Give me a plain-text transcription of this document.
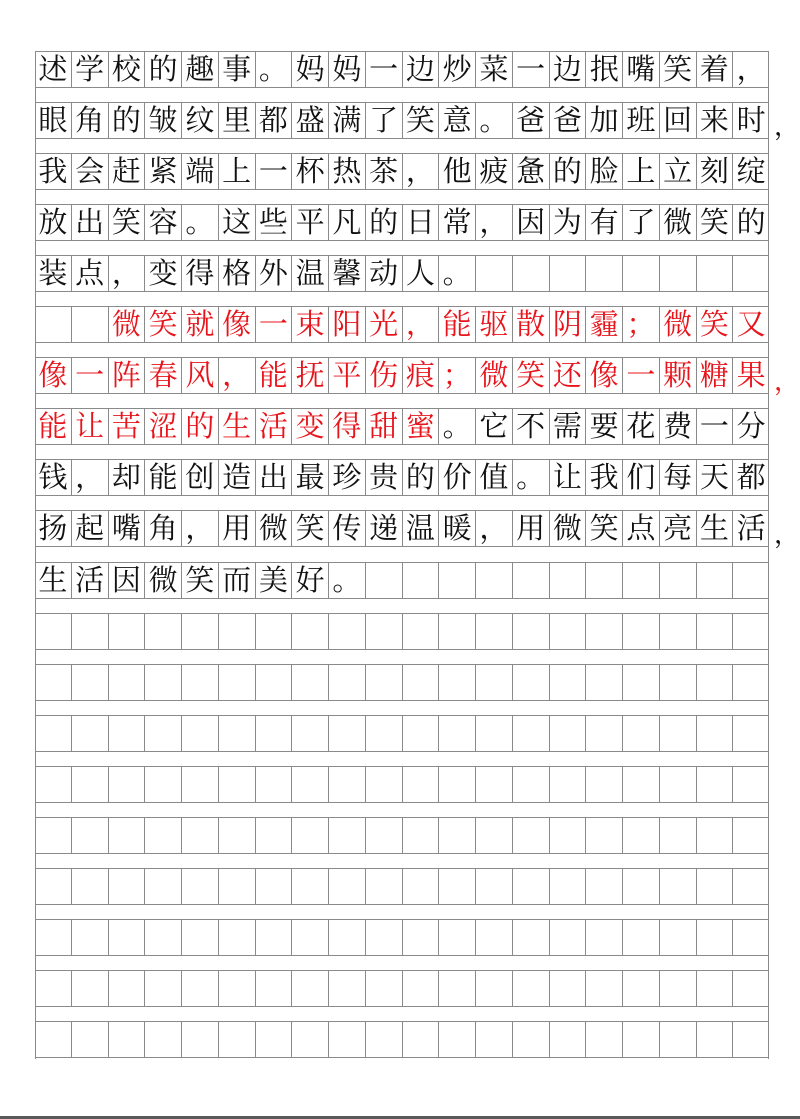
述 学 校 的 趣 事 。 妈 妈 一 边 炒 菜 一 边 抿 嘴 笑 着 ，
眼 角 的 皱 纹 里 都 盛 满 了 笑 意 。 爸 爸 加 班 回 来 时 ，
我 会 赶 紧 端 上 一 杯 热 茶 ， 他 疲 惫 的 脸 上 立 刻 绽
放 出 笑 容 。 这 些 平 凡 的 日 常 ， 因 为 有 了 微 笑 的
装 点 ， 变 得 格 外 温 馨 动 人 。
微 笑 就 像 一 束 阳 光 ， 能 驱 散 阴 霾 ； 微 笑 又
像 一 阵 春 风 ， 能 抚 平 伤 痕 ； 微 笑 还 像 一 颗 糖 果 ，
能 让 苦 涩 的 生 活 变 得 甜 蜜 。 它 不 需 要 花 费 一 分
钱 ， 却 能 创 造 出 最 珍 贵 的 价 值 。 让 我 们 每 天 都
扬 起 嘴 角 ， 用 微 笑 传 递 温 暖 ， 用 微 笑 点 亮 生 活 ，
生 活 因 微 笑 而 美 好 。
